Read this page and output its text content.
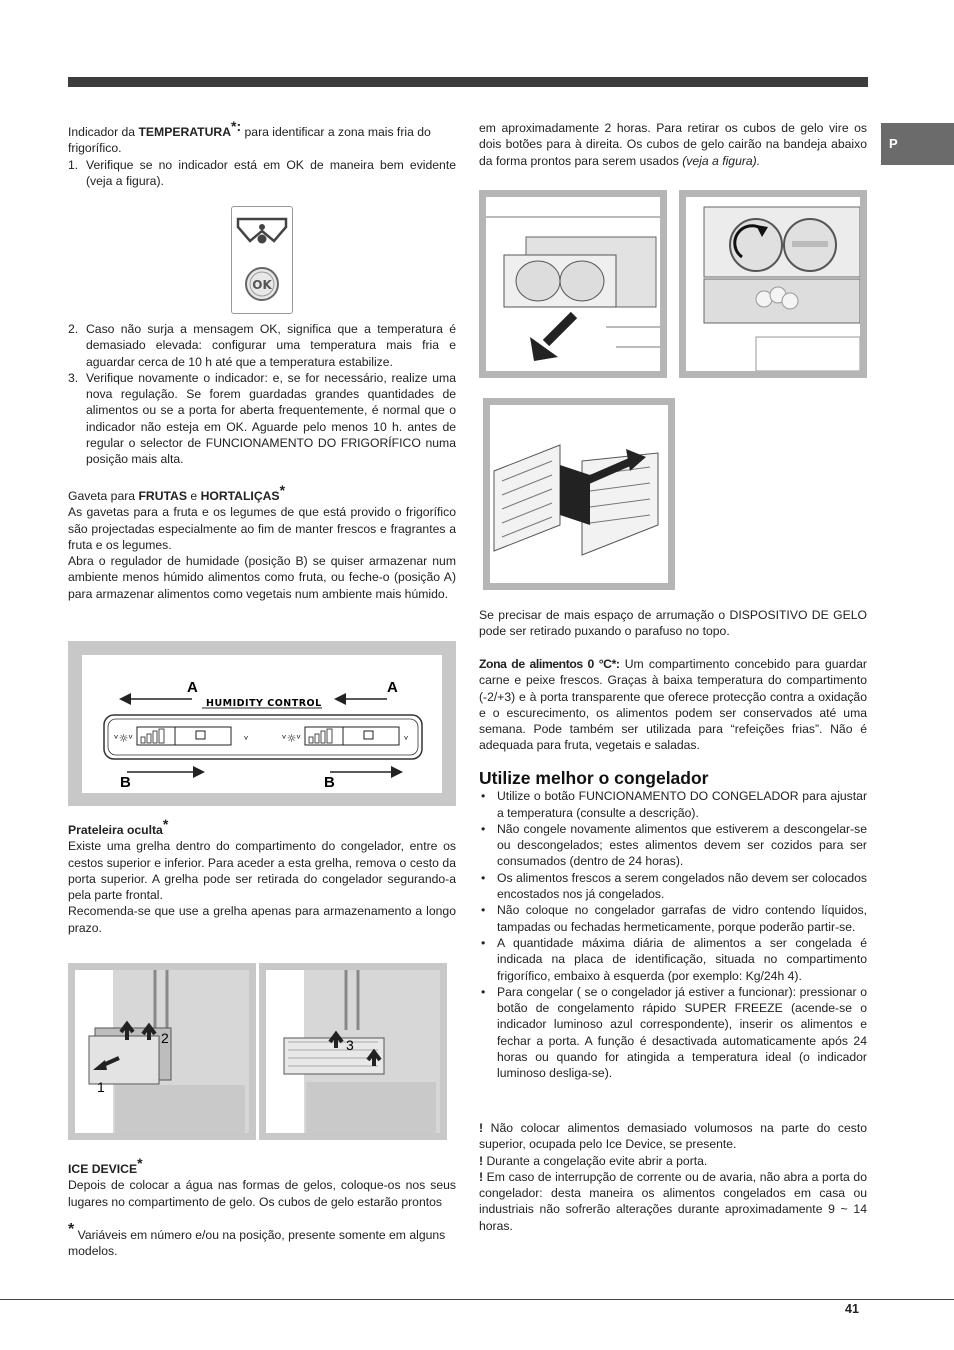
P

Indicador da TEMPERATURA*: para identificar a zona mais fria do frigorífico.

1. Verifique se no indicador está em OK de maneira bem evidente (veja a figura).
OK
2. Caso não surja a mensagem OK, significa que a temperatura é demasiado elevada: configurar uma temperatura mais fria e aguardar cerca de 10 h até que a temperatura estabilize.
3. Verifique novamente o indicador: e, se for necessário, realize uma nova regulação. Se forem guardadas grandes quantidades de alimentos ou se a porta for aberta frequentemente, é normal que o indicador não esteja em OK. Aguarde pelo menos 10 h. antes de regular o selector de FUNCIONAMENTO DO FRIGORÍFICO numa posição mais alta.

Gaveta para FRUTAS e HORTALIÇAS*

As gavetas para a fruta e os legumes de que está provido o frigorífico são projectadas especialmente ao fim de manter frescos e fragrantes a fruta e os legumes.

Abra o regulador de humidade (posição B) se quiser armazenar num ambiente menos húmido alimentos como fruta, ou feche-o (posição A) para armazenar alimentos como vegetais num ambiente mais húmido.

A	A
HUMIDITY CONTROL
ᵛ☼ᵛ	ᵛ	ᵛ☼ᵛ	ᵛ
B	B

Prateleira oculta*

Existe uma grelha dentro do compartimento do congelador, entre os cestos superior e inferior. Para aceder a esta grelha, remova o cesto da porta superior. A grelha pode ser retirada do congelador segurando-a pela parte frontal.

Recomenda-se que use a grelha apenas para armazenamento a longo prazo.

2
1
3

ICE DEVICE*

Depois de colocar a água nas formas de gelos, coloque-os nos seus lugares no compartimento de gelo. Os cubos de gelo estarão prontos

* Variáveis em número e/ou na posição, presente somente em alguns modelos.

em aproximadamente 2 horas. Para retirar os cubos de gelo vire os dois botões para à direita. Os cubos de gelo cairão na bandeja abaixo da forma prontos para serem usados (veja a figura).

Se precisar de mais espaço de arrumação o DISPOSITIVO DE GELO pode ser retirado puxando o parafuso no topo.

Zona de alimentos 0 °C*: Um compartimento concebido para guardar carne e peixe frescos. Graças à baixa temperatura do compartimento (-2/+3) e à porta transparente que oferece protecção contra a oxidação e o escurecimento, os alimentos podem ser conservados até uma semana. Pode também ser utilizada para “refeições frias”. Não é adequada para fruta, vegetais e saladas.

Utilize melhor o congelador
• Utilize o botão FUNCIONAMENTO DO CONGELADOR para ajustar a temperatura (consulte a descrição).
• Não congele novamente alimentos que estiverem a descongelar-se ou descongelados; estes alimentos devem ser cozidos para ser consumados (dentro de 24 horas).
• Os alimentos frescos a serem congelados não devem ser colocados encostados nos já congelados.
• Não coloque no congelador garrafas de vidro contendo líquidos, tampadas ou fechadas hermeticamente, porque poderão partir-se.
• A quantidade máxima diária de alimentos a ser congelada é indicada na placa de identificação, situada no compartimento frigorífico, embaixo à esquerda (por exemplo: Kg/24h 4).
• Para congelar ( se o congelador já estiver a funcionar): pressionar o botão de congelamento rápido SUPER FREEZE (acende-se o indicador luminoso azul correspondente), inserir os alimentos e fechar a porta. A função é desactivada automaticamente após 24 horas ou quando for atingida a temperatura ideal (o indicador luminoso desliga-se).

! Não colocar alimentos demasiado volumosos na parte do cesto superior, ocupada pelo Ice Device, se presente.

! Durante a congelação evite abrir a porta.

! Em caso de interrupção de corrente ou de avaria, não abra a porta do congelador: desta maneira os alimentos congelados em casa ou industriais não sofrerão alterações durante aproximadamente 9 ~ 14 horas.

41
